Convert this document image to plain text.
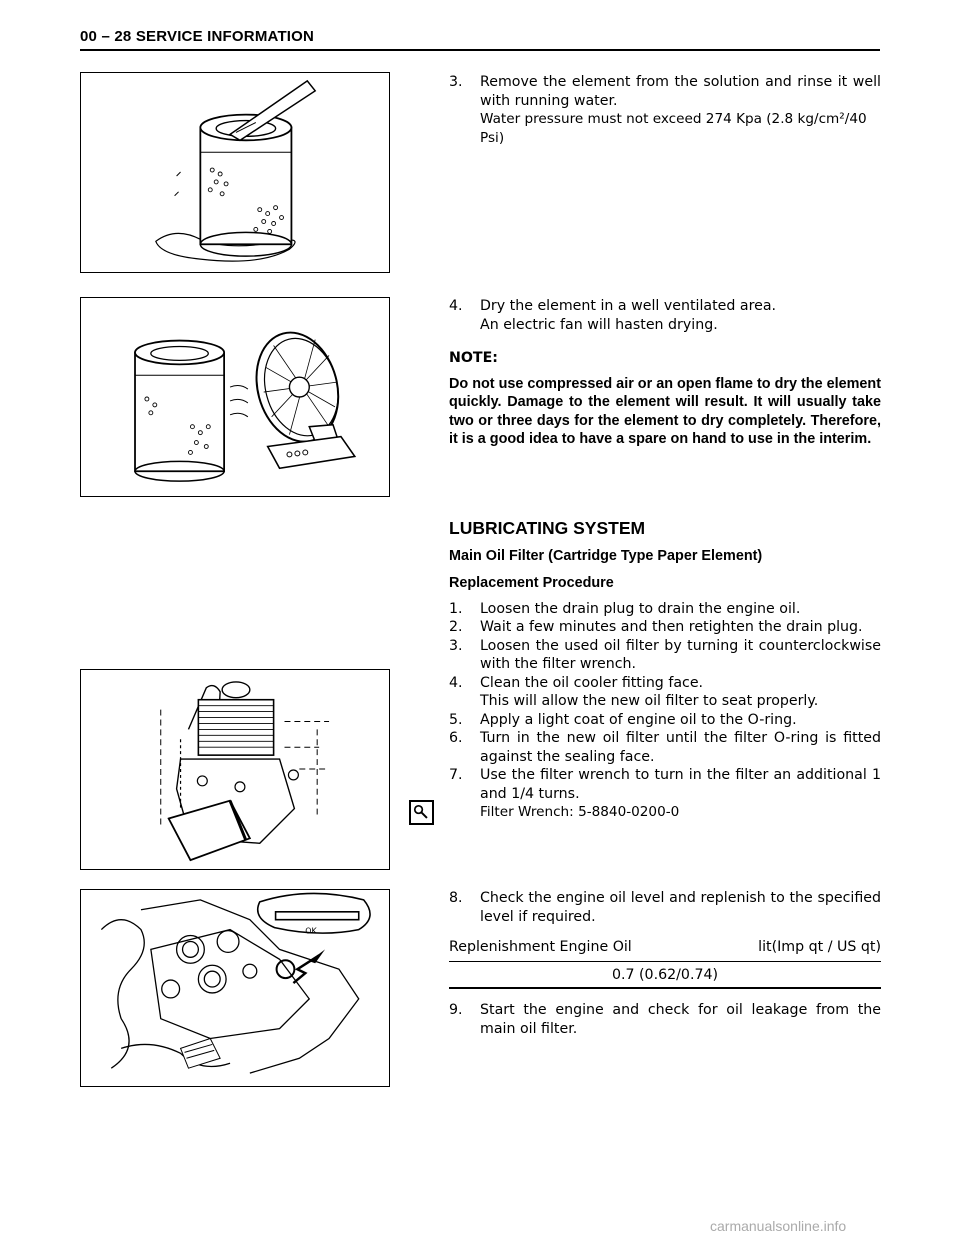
00 – 28 SERVICE INFORMATION
3. Remove the element from the solution and rinse it well with running water.
Water pressure must not exceed 274 Kpa (2.8 kg/cm²/40 Psi)
4. Dry the element in a well ventilated area.
An electric fan will hasten drying.
NOTE:
Do not use compressed air or an open flame to dry the element quickly. Damage to the element will result. It will usually take two or three days for the element to dry completely. Therefore, it is a good idea to have a spare on hand to use in the interim.
LUBRICATING SYSTEM
Main Oil Filter (Cartridge Type Paper Element)
Replacement Procedure
1. Loosen the drain plug to drain the engine oil.
2. Wait a few minutes and then retighten the drain plug.
3. Loosen the used oil filter by turning it counterclockwise with the filter wrench.
4. Clean the oil cooler fitting face.
This will allow the new oil filter to seat properly.
5. Apply a light coat of engine oil to the O-ring.
6. Turn in the new oil filter until the filter O-ring is fitted against the sealing face.
7. Use the filter wrench to turn in the filter an additional 1 and 1/4 turns.
Filter Wrench: 5-8840-0200-0
OK
8. Check the engine oil level and replenish to the specified level if required.
Replenishment Engine Oil	lit(Imp qt / US qt)
0.7 (0.62/0.74)
9. Start the engine and check for oil leakage from the main oil filter.
carmanualsonline.info
